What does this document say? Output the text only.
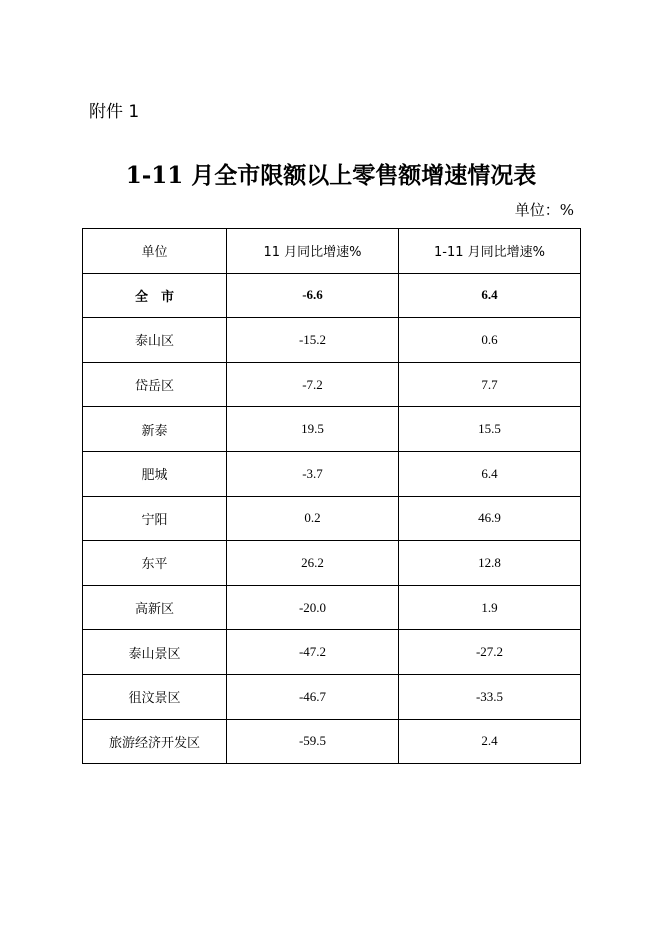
附件 1
1-11 月全市限额以上零售额增速情况表
单位：%
单位	11 月同比增速%	1-11 月同比增速%
全　市	-6.6	6.4
泰山区	-15.2	0.6
岱岳区	-7.2	7.7
新泰	19.5	15.5
肥城	-3.7	6.4
宁阳	0.2	46.9
东平	26.2	12.8
高新区	-20.0	1.9
泰山景区	-47.2	-27.2
徂汶景区	-46.7	-33.5
旅游经济开发区	-59.5	2.4
